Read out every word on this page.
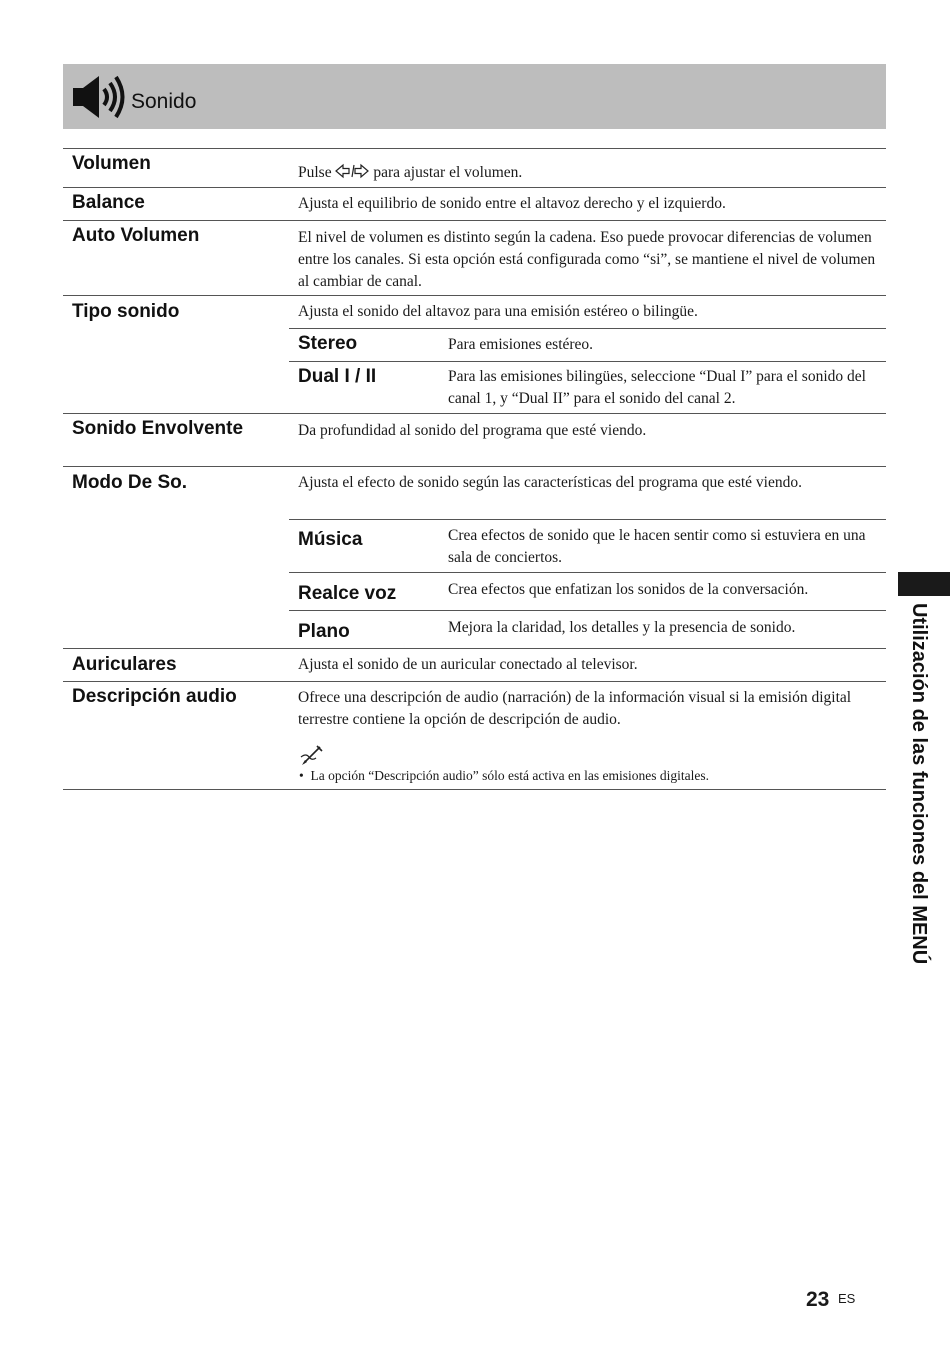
Sonido
Volumen	Pulse  para ajustar el volumen.
Balance	Ajusta el equilibrio de sonido entre el altavoz derecho y el izquierdo.
Auto Volumen	El nivel de volumen es distinto según la cadena. Eso puede provocar diferencias de volumen entre los canales. Si esta opción está configurada como “si”, se mantiene el nivel de volumen al cambiar de canal.
Tipo sonido	Ajusta el sonido del altavoz para una emisión estéreo o bilingüe.
Stereo	Para emisiones estéreo.
Dual I / II	Para las emisiones bilingües, seleccione “Dual I” para el sonido del canal 1, y “Dual II” para el sonido del canal 2.
Sonido Envolvente	Da profundidad al sonido del programa que esté viendo.
Modo De So.	Ajusta el efecto de sonido según las características del programa que esté viendo.
Música	Crea efectos de sonido que le hacen sentir como si estuviera en una sala de conciertos.
Realce voz	Crea efectos que enfatizan los sonidos de la conversación.
Plano	Mejora la claridad, los detalles y la presencia de sonido.
Auriculares	Ajusta el sonido de un auricular conectado al televisor.
Descripción audio	Ofrece una descripción de audio (narración) de la información visual si la emisión digital terrestre contiene la opción de descripción de audio.
•  La opción “Descripción audio” sólo está activa en las emisiones digitales.	Utilización de las funciones del MENÚ
23 ES
